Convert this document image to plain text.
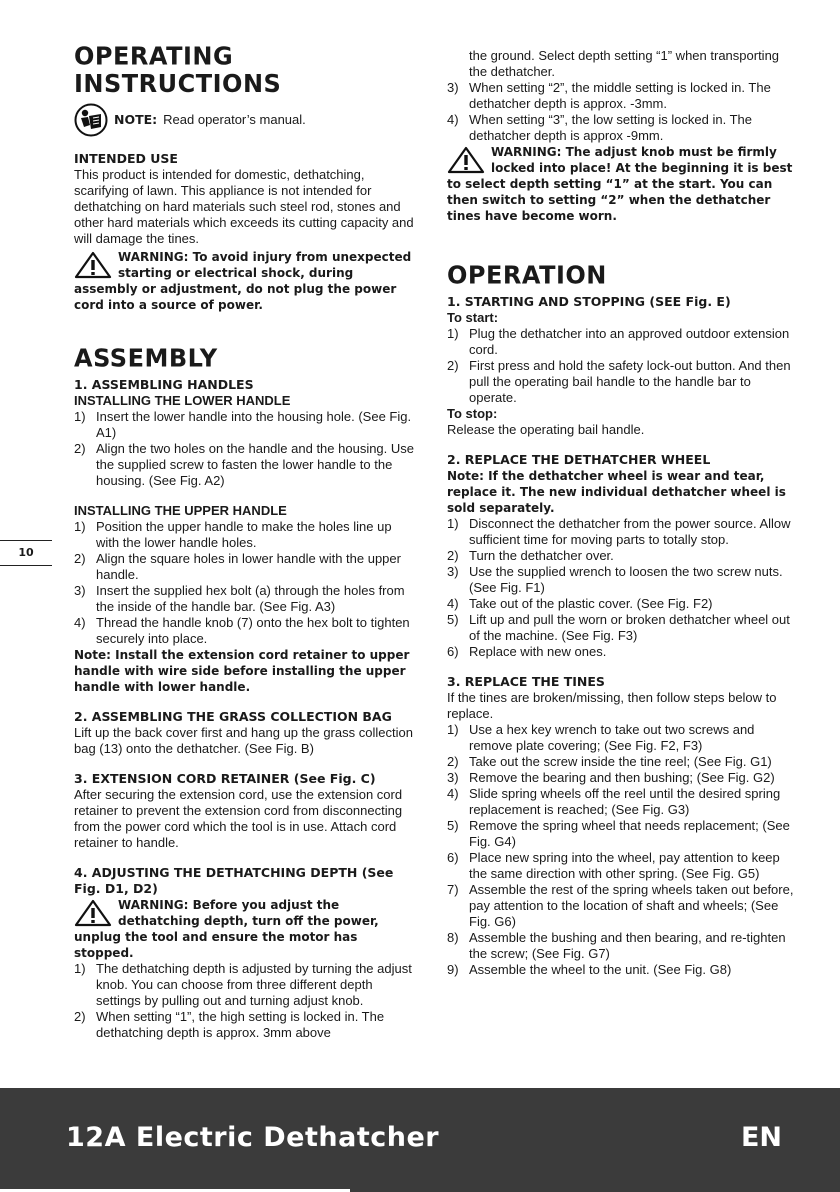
OPERATING INSTRUCTIONS
NOTE: Read operator’s manual.
INTENDED USE

This product is intended for domestic, dethatching, scarifying of lawn. This appliance is not intended for dethatching on hard materials such steel rod, stones and other hard materials which exceeds its cutting capacity and will damage the tines.

WARNING: To avoid injury from unexpected starting or electrical shock, during assembly or adjustment, do not plug the power cord into a source of power.

ASSEMBLY
1. ASSEMBLING HANDLES
INSTALLING THE LOWER HANDLE
1) Insert the lower handle into the housing hole. (See Fig. A1)
2) Align the two holes on the handle and the housing. Use the supplied screw to fasten the lower handle to the housing. (See Fig. A2)
INSTALLING THE UPPER HANDLE
1) Position the upper handle to make the holes line up with the lower handle holes.
2) Align the square holes in lower handle with the upper handle.
3) Insert the supplied hex bolt (a) through the holes from the inside of the handle bar. (See Fig. A3)
4) Thread the handle knob (7) onto the hex bolt to tighten securely into place.

Note: Install the extension cord retainer to upper handle with wire side before installing the upper handle with lower handle.

2. ASSEMBLING THE GRASS COLLECTION BAG

Lift up the back cover first and hang up the grass collection bag (13) onto the dethatcher. (See Fig. B)

3. EXTENSION CORD RETAINER (See Fig. C)

After securing the extension cord, use the extension cord retainer to prevent the extension cord from disconnecting from the power cord which the tool is in use. Attach cord retainer to handle.

4. ADJUSTING THE DETHATCHING DEPTH (See Fig. D1, D2)

WARNING: Before you adjust the dethatching depth, turn off the power, unplug the tool and ensure the motor has stopped.

1) The dethatching depth is adjusted by turning the adjust knob. You can choose from three different depth settings by pulling out and turning adjust knob.
2) When setting “1”, the high setting is locked in. The dethatching depth is approx. 3mm above

the ground. Select depth setting “1” when transporting the dethatcher.

3) When setting “2”, the middle setting is locked in. The dethatcher depth is approx. -3mm.
4) When setting “3”, the low setting is locked in. The dethatcher depth is approx -9mm.

WARNING: The adjust knob must be firmly locked into place! At the beginning it is best to select depth setting “1” at the start. You can then switch to setting “2” when the dethatcher tines have become worn.

OPERATION
1. STARTING AND STOPPING (SEE Fig. E)
To start:
1) Plug the dethatcher into an approved outdoor extension cord.
2) First press and hold the safety lock-out button. And then pull the operating bail handle to the handle bar to operate.
To stop:

Release the operating bail handle.

2. REPLACE THE DETHATCHER WHEEL

Note: If the dethatcher wheel is wear and tear, replace it. The new individual dethatcher wheel is sold separately.

1) Disconnect the dethatcher from the power source. Allow sufficient time for moving parts to totally stop.
2) Turn the dethatcher over.
3) Use the supplied wrench to loosen the two screw nuts. (See Fig. F1)
4) Take out of the plastic cover. (See Fig. F2)
5) Lift up and pull the worn or broken dethatcher wheel out of the machine. (See Fig. F3)
6) Replace with new ones.
3. REPLACE THE TINES

If the tines are broken/missing, then follow steps below to replace.

1) Use a hex key wrench to take out two screws and remove plate covering; (See Fig. F2, F3)
2) Take out the screw inside the tine reel; (See Fig. G1)
3) Remove the bearing and then bushing; (See Fig. G2)
4) Slide spring wheels off the reel until the desired spring replacement is reached; (See Fig. G3)
5) Remove the spring wheel that needs replacement; (See Fig. G4)
6) Place new spring into the wheel, pay attention to keep the same direction with other spring. (See Fig. G5)
7) Assemble the rest of the spring wheels taken out before, pay attention to the location of shaft and wheels; (See Fig. G6)
8) Assemble the bushing and then bearing, and re-tighten the screw; (See Fig. G7)
9) Assemble the wheel to the unit. (See Fig. G8)
10
12A Electric Dethatcher	EN
